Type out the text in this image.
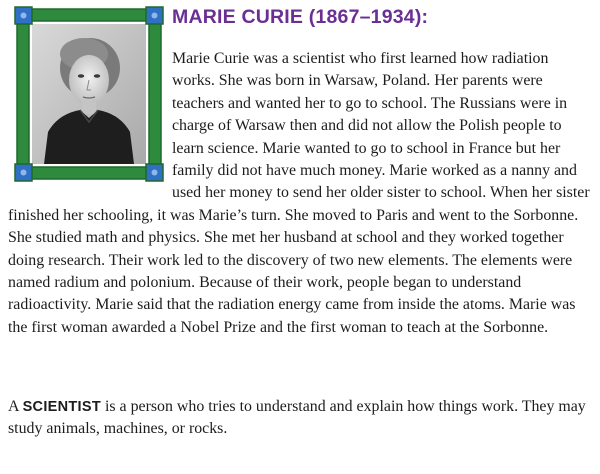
MARIE CURIE (1867–1934):

Marie Curie was a scientist who first learned how radiation works. She was born in Warsaw, Poland. Her parents were teachers and wanted her to go to school. The Russians were in charge of Warsaw then and did not allow the Polish people to learn science. Marie wanted to go to school in France but her family did not have much money. Marie worked as a nanny and used her money to send her older sister to school. When her sister finished her schooling, it was Marie’s turn. She moved to Paris and went to the Sorbonne. She studied math and physics. She met her husband at school and they worked together doing research. Their work led to the discovery of two new elements. The elements were named radium and polonium. Because of their work, people began to understand radioactivity. Marie said that the radiation energy came from inside the atoms. Marie was the first woman awarded a Nobel Prize and the first woman to teach at the Sorbonne.

A SCIENTIST is a person who tries to understand and explain how things work. They may study animals, machines, or rocks.
